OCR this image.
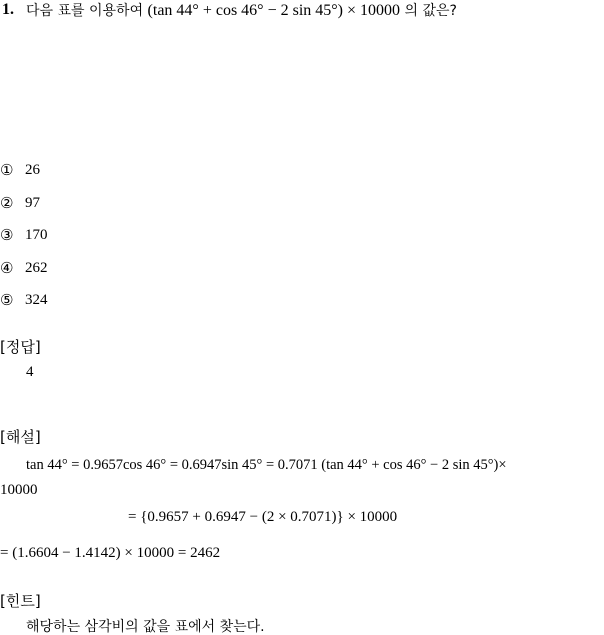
1. 다음 표를 이용하여 (tan 44° + cos 46° − 2 sin 45°) × 10000 의 값은?
① 26
② 97
③ 170
④ 262
⑤ 324
[정답]
4
[해설]
tan 44° = 0.9657cos 46° = 0.6947sin 45° = 0.7071 (tan 44° + cos 46° − 2 sin 45°)×
10000
= {0.9657 + 0.6947 − (2 × 0.7071)} × 10000
= (1.6604 − 1.4142) × 10000 = 2462
[힌트]
해당하는 삼각비의 값을 표에서 찾는다.
